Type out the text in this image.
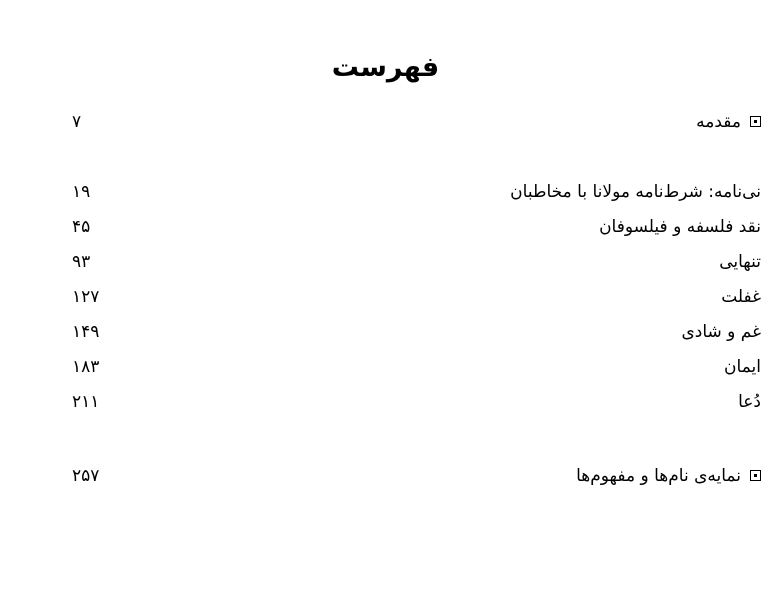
فهرست
مقدمه
۷
نی‌نامه: شرط‌نامه مولانا با مخاطبان
۱۹
نقد فلسفه و فیلسوفان
۴۵
تنهایی
۹۳
غفلت
۱۲۷
غم و شادی
۱۴۹
ایمان
۱۸۳
دُعا
۲۱۱
نمایه‌ی نام‌ها و مفهوم‌ها
۲۵۷
